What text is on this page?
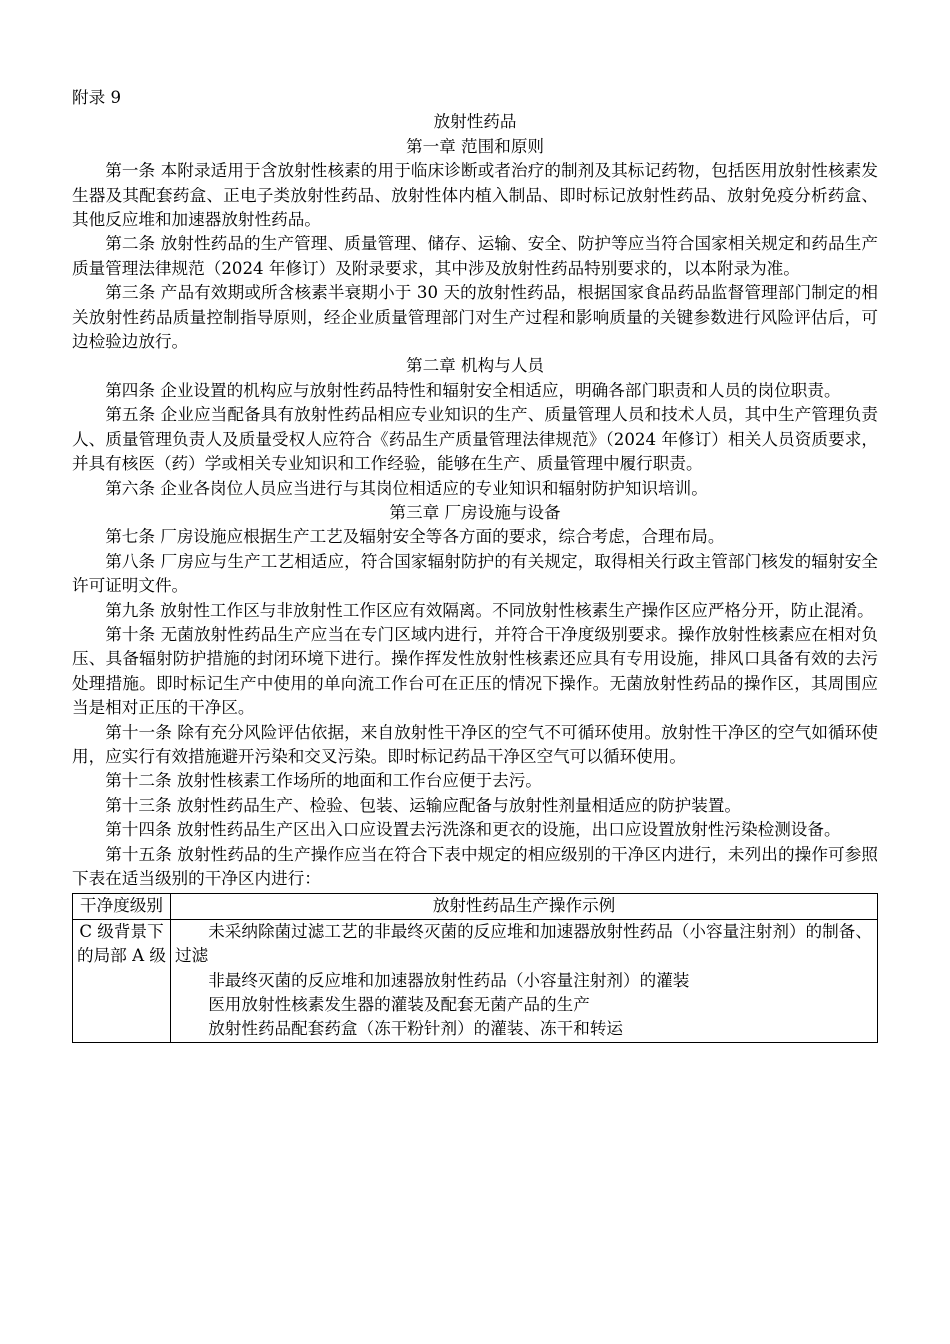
附录 9

放射性药品

第一章 范围和原则

第一条 本附录适用于含放射性核素的用于临床诊断或者治疗的制剂及其标记药物，包括医用放射性核素发生器及其配套药盒、正电子类放射性药品、放射性体内植入制品、即时标记放射性药品、放射免疫分析药盒、其他反应堆和加速器放射性药品。

第二条 放射性药品的生产管理、质量管理、储存、运输、安全、防护等应当符合国家相关规定和药品生产质量管理法律规范（2024 年修订）及附录要求，其中涉及放射性药品特别要求的，以本附录为准。

第三条 产品有效期或所含核素半衰期小于 30 天的放射性药品，根据国家食品药品监督管理部门制定的相关放射性药品质量控制指导原则，经企业质量管理部门对生产过程和影响质量的关键参数进行风险评估后，可边检验边放行。

第二章 机构与人员

第四条 企业设置的机构应与放射性药品特性和辐射安全相适应，明确各部门职责和人员的岗位职责。

第五条 企业应当配备具有放射性药品相应专业知识的生产、质量管理人员和技术人员，其中生产管理负责人、质量管理负责人及质量受权人应符合《药品生产质量管理法律规范》（2024 年修订）相关人员资质要求，并具有核医（药）学或相关专业知识和工作经验，能够在生产、质量管理中履行职责。

第六条 企业各岗位人员应当进行与其岗位相适应的专业知识和辐射防护知识培训。

第三章 厂房设施与设备

第七条 厂房设施应根据生产工艺及辐射安全等各方面的要求，综合考虑，合理布局。

第八条 厂房应与生产工艺相适应，符合国家辐射防护的有关规定，取得相关行政主管部门核发的辐射安全许可证明文件。

第九条 放射性工作区与非放射性工作区应有效隔离。不同放射性核素生产操作区应严格分开，防止混淆。

第十条 无菌放射性药品生产应当在专门区域内进行，并符合干净度级别要求。操作放射性核素应在相对负压、具备辐射防护措施的封闭环境下进行。操作挥发性放射性核素还应具有专用设施，排风口具备有效的去污处理措施。即时标记生产中使用的单向流工作台可在正压的情况下操作。无菌放射性药品的操作区，其周围应当是相对正压的干净区。

第十一条 除有充分风险评估依据，来自放射性干净区的空气不可循环使用。放射性干净区的空气如循环使用，应实行有效措施避开污染和交叉污染。即时标记药品干净区空气可以循环使用。

第十二条 放射性核素工作场所的地面和工作台应便于去污。

第十三条 放射性药品生产、检验、包装、运输应配备与放射性剂量相适应的防护装置。

第十四条 放射性药品生产区出入口应设置去污洗涤和更衣的设施，出口应设置放射性污染检测设备。

第十五条 放射性药品的生产操作应当在符合下表中规定的相应级别的干净区内进行，未列出的操作可参照下表在适当级别的干净区内进行：

干净度级别	放射性药品生产操作示例
C 级背景下的局部 A 级	未采纳除菌过滤工艺的非最终灭菌的反应堆和加速器放射性药品（小容量注射剂）的制备、过滤

非最终灭菌的反应堆和加速器放射性药品（小容量注射剂）的灌装

医用放射性核素发生器的灌装及配套无菌产品的生产

放射性药品配套药盒（冻干粉针剂）的灌装、冻干和转运
